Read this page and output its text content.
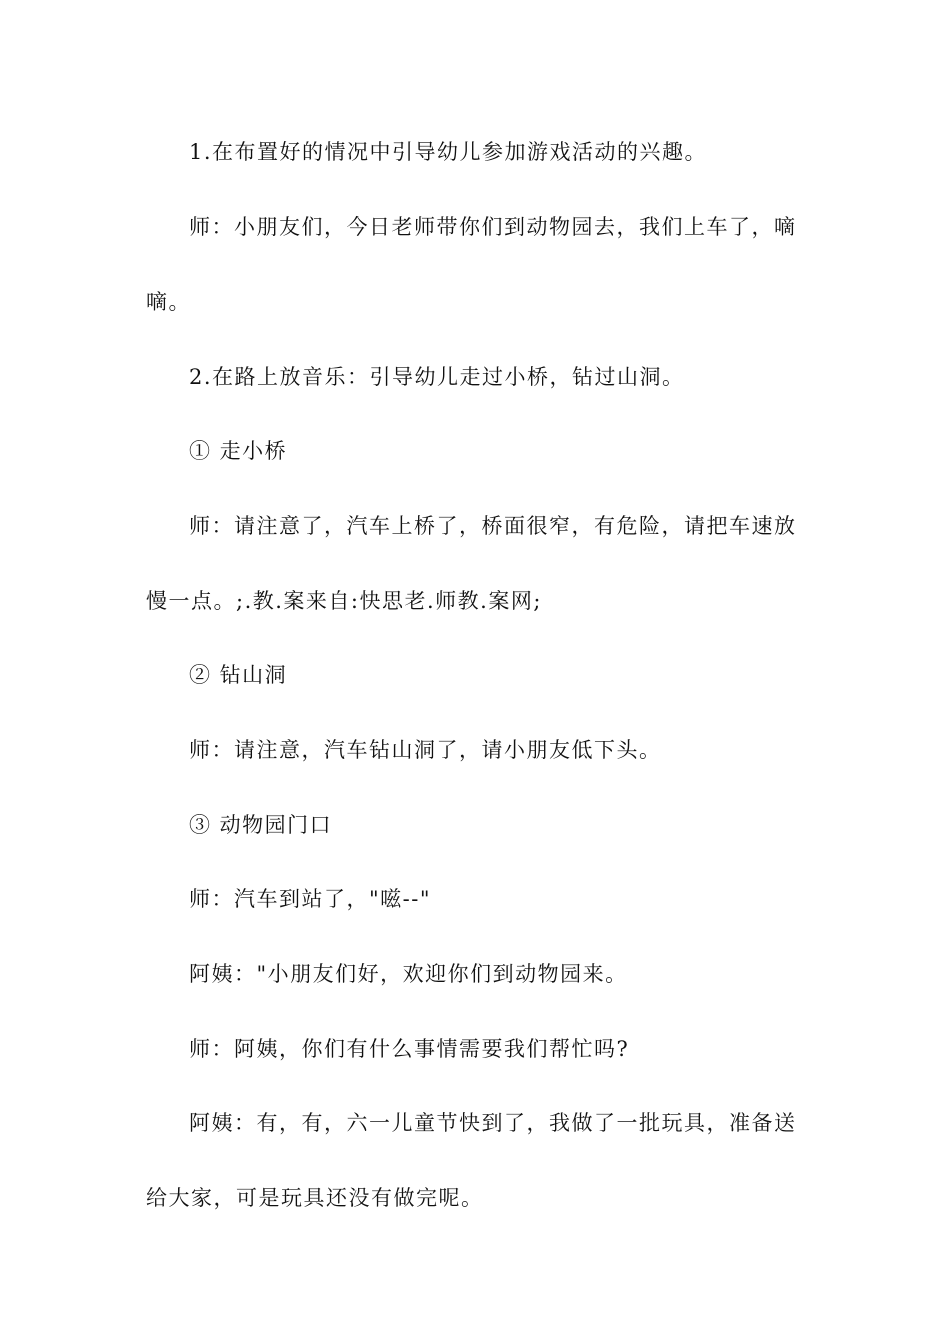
1.在布置好的情况中引导幼儿参加游戏活动的兴趣。
师：小朋友们，今日老师带你们到动物园去，我们上车了，嘀
嘀。
2.在路上放音乐：引导幼儿走过小桥，钻过山洞。
① 走小桥
师：请注意了，汽车上桥了，桥面很窄，有危险，请把车速放
慢一点。;.教.案来自:快思老.师教.案网;
② 钻山洞
师：请注意，汽车钻山洞了，请小朋友低下头。
③ 动物园门口
师：汽车到站了，"嗞--"
阿姨："小朋友们好，欢迎你们到动物园来。
师：阿姨，你们有什么事情需要我们帮忙吗?
阿姨：有，有，六一儿童节快到了，我做了一批玩具，准备送
给大家，可是玩具还没有做完呢。
